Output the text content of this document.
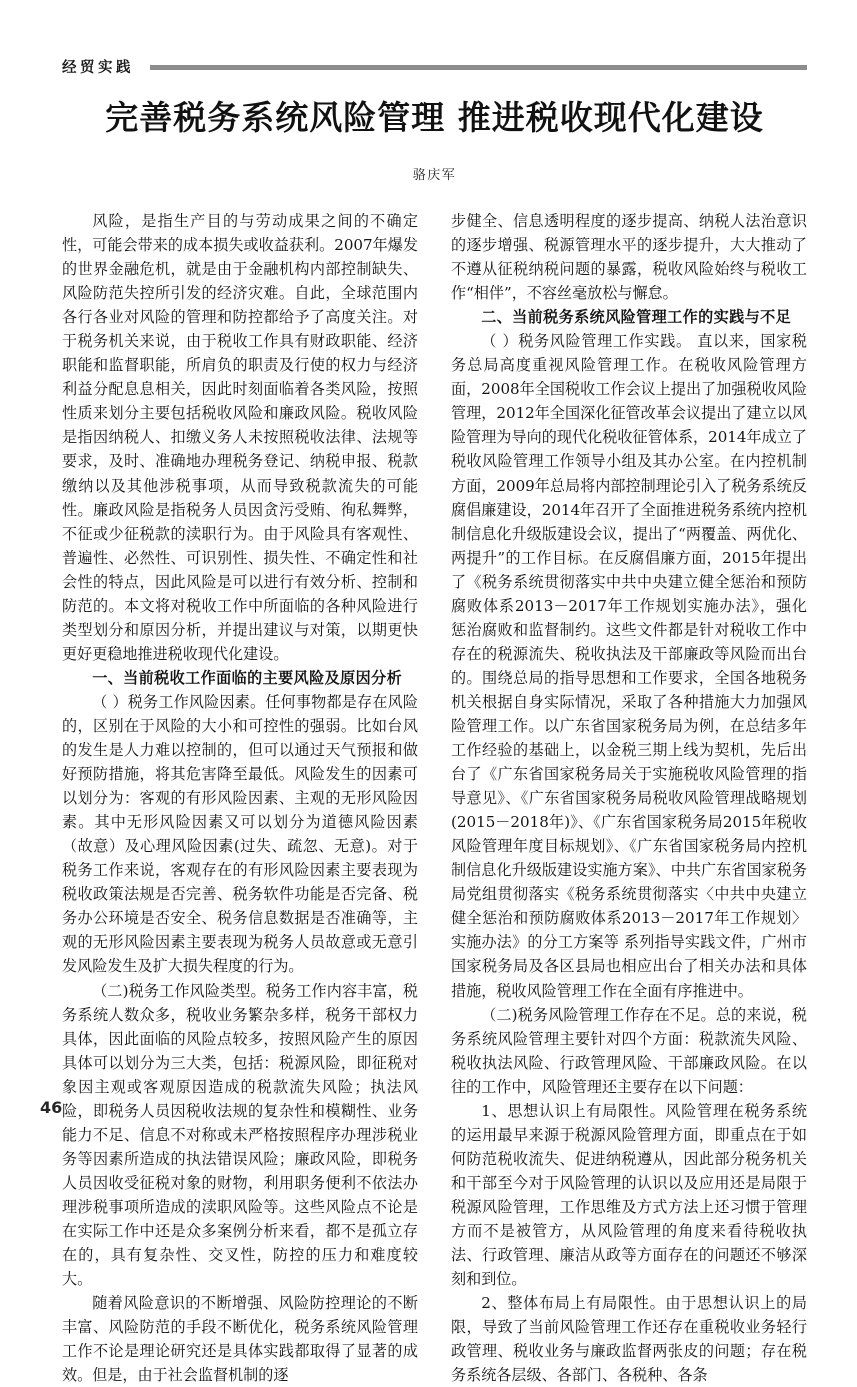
经贸实践
完善税务系统风险管理 推进税收现代化建设
骆庆军

风险，是指生产目的与劳动成果之间的不确定性，可能会带来的成本损失或收益获利。2007年爆发的世界金融危机，就是由于金融机构内部控制缺失、风险防范失控所引发的经济灾难。自此，全球范围内各行各业对风险的管理和防控都给予了高度关注。对于税务机关来说，由于税收工作具有财政职能、经济职能和监督职能，所肩负的职责及行使的权力与经济利益分配息息相关，因此时刻面临着各类风险，按照性质来划分主要包括税收风险和廉政风险。税收风险是指因纳税人、扣缴义务人未按照税收法律、法规等要求，及时、准确地办理税务登记、纳税申报、税款缴纳以及其他涉税事项，从而导致税款流失的可能性。廉政风险是指税务人员因贪污受贿、徇私舞弊，不征或少征税款的渎职行为。由于风险具有客观性、普遍性、必然性、可识别性、损失性、不确定性和社会性的特点，因此风险是可以进行有效分析、控制和防范的。本文将对税收工作中所面临的各种风险进行类型划分和原因分析，并提出建议与对策，以期更快更好更稳地推进税收现代化建设。

一、当前税收工作面临的主要风险及原因分析

（ ）税务工作风险因素。任何事物都是存在风险的，区别在于风险的大小和可控性的强弱。比如台风的发生是人力难以控制的，但可以通过天气预报和做好预防措施，将其危害降至最低。风险发生的因素可以划分为：客观的有形风险因素、主观的无形风险因素。其中无形风险因素又可以划分为道德风险因素（故意）及心理风险因素(过失、疏忽、无意)。对于税务工作来说，客观存在的有形风险因素主要表现为税收政策法规是否完善、税务软件功能是否完备、税务办公环境是否安全、税务信息数据是否准确等，主观的无形风险因素主要表现为税务人员故意或无意引发风险发生及扩大损失程度的行为。

（二)税务工作风险类型。税务工作内容丰富，税务系统人数众多，税收业务繁杂多样，税务干部权力具体，因此面临的风险点较多，按照风险产生的原因具体可以划分为三大类，包括：税源风险，即征税对象因主观或客观原因造成的税款流失风险；执法风险，即税务人员因税收法规的复杂性和模糊性、业务能力不足、信息不对称或未严格按照程序办理涉税业务等因素所造成的执法错误风险；廉政风险，即税务人员因收受征税对象的财物，利用职务便利不依法办理涉税事项所造成的渎职风险等。这些风险点不论是在实际工作中还是众多案例分析来看，都不是孤立存在的，具有复杂性、交叉性，防控的压力和难度较大。

随着风险意识的不断增强、风险防控理论的不断丰富、风险防范的手段不断优化，税务系统风险管理工作不论是理论研究还是具体实践都取得了显著的成效。但是，由于社会监督机制的逐

步健全、信息透明程度的逐步提高、纳税人法治意识的逐步增强、税源管理水平的逐步提升，大大推动了不遵从征税纳税问题的暴露，税收风险始终与税收工作“相伴”，不容丝毫放松与懈怠。

二、当前税务系统风险管理工作的实践与不足

（ ）税务风险管理工作实践。 直以来，国家税务总局高度重视风险管理工作。在税收风险管理方面，2008年全国税收工作会议上提出了加强税收风险管理，2012年全国深化征管改革会议提出了建立以风险管理为导向的现代化税收征管体系，2014年成立了税收风险管理工作领导小组及其办公室。在内控机制方面，2009年总局将内部控制理论引入了税务系统反腐倡廉建设，2014年召开了全面推进税务系统内控机制信息化升级版建设会议，提出了“两覆盖、两优化、两提升”的工作目标。在反腐倡廉方面，2015年提出了《税务系统贯彻落实中共中央建立健全惩治和预防腐败体系2013－2017年工作规划实施办法》，强化惩治腐败和监督制约。这些文件都是针对税收工作中存在的税源流失、税收执法及干部廉政等风险而出台的。围绕总局的指导思想和工作要求，全国各地税务机关根据自身实际情况，采取了各种措施大力加强风险管理工作。以广东省国家税务局为例，在总结多年工作经验的基础上，以金税三期上线为契机，先后出台了《广东省国家税务局关于实施税收风险管理的指导意见》、《广东省国家税务局税收风险管理战略规划(2015－2018年)》、《广东省国家税务局2015年税收风险管理年度目标规划》、《广东省国家税务局内控机制信息化升级版建设实施方案》、中共广东省国家税务局党组贯彻落实《税务系统贯彻落实〈中共中央建立健全惩治和预防腐败体系2013－2017年工作规划〉实施办法》的分工方案等 系列指导实践文件，广州市国家税务局及各区县局也相应出台了相关办法和具体措施，税收风险管理工作在全面有序推进中。

（二)税务风险管理工作存在不足。总的来说，税务系统风险管理主要针对四个方面：税款流失风险、税收执法风险、行政管理风险、干部廉政风险。在以往的工作中，风险管理还主要存在以下问题：

1、思想认识上有局限性。风险管理在税务系统的运用最早来源于税源风险管理方面，即重点在于如何防范税收流失、促进纳税遵从，因此部分税务机关和干部至今对于风险管理的认识以及应用还是局限于税源风险管理，工作思维及方式方法上还习惯于管理方而不是被管方，从风险管理的角度来看待税收执法、行政管理、廉洁从政等方面存在的问题还不够深刻和到位。

2、整体布局上有局限性。由于思想认识上的局限，导致了当前风险管理工作还存在重税收业务轻行政管理、税收业务与廉政监督两张皮的问题；存在税务系统各层级、各部门、各税种、各条

46
